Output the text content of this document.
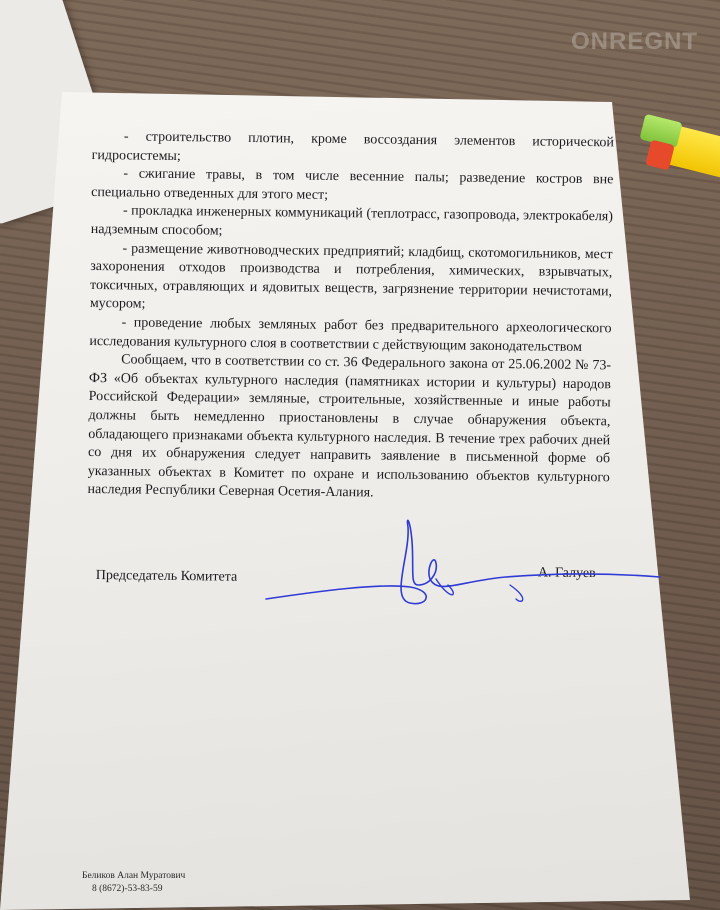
ONREGNT

- строительство плотин, кроме воссоздания элементов исторической гидросистемы;

- сжигание травы, в том числе весенние палы; разведение костров вне специально отведенных для этого мест;

- прокладка инженерных коммуникаций (теплотрасс, газопровода, электрокабеля) надземным способом;

- размещение животноводческих предприятий; кладбищ, скотомогильников, мест захоронения отходов производства и потребления, химических, взрывчатых, токсичных, отравляющих и ядовитых веществ, загрязнение территории нечистотами, мусором;

- проведение любых земляных работ без предварительного археологического исследования культурного слоя в соответствии с действующим законодательством

Сообщаем, что в соответствии со ст. 36 Федерального закона от 25.06.2002 № 73-ФЗ «Об объектах культурного наследия (памятниках истории и культуры) народов Российской Федерации» земляные, строительные, хозяйственные и иные работы должны быть немедленно приостановлены в случае обнаружения объекта, обладающего признаками объекта культурного наследия. В течение трех рабочих дней со дня их обнаружения следует направить заявление в письменной форме об указанных объектах в Комитет по охране и использованию объектов культурного наследия Республики Северная Осетия-Алания.

Председатель Комитета	А. Галуев
Беликов Алан Муратович
8 (8672)-53-83-59
